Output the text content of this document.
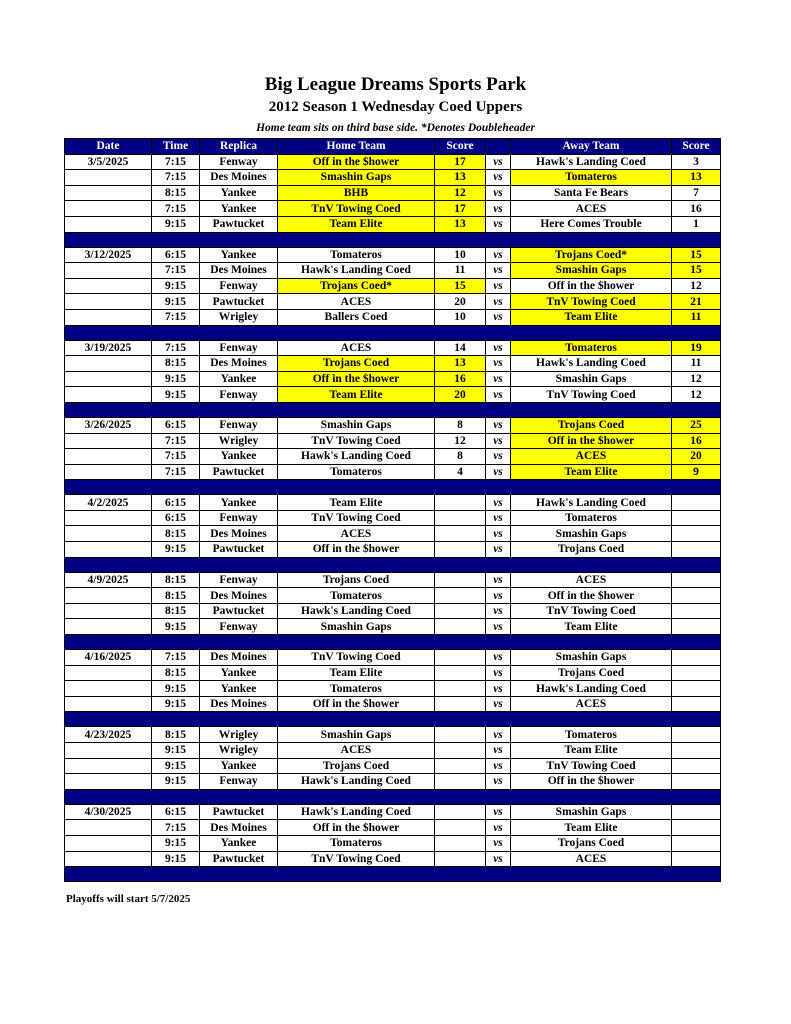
Big League Dreams Sports Park
2012 Season 1 Wednesday Coed Uppers
Home team sits on third base side. *Denotes Doubleheader
Date	Time	Replica	Home Team	Score		Away Team	Score
3/5/2025	7:15	Fenway	Off in the $hower	17	vs	Hawk's Landing Coed	3
	7:15	Des Moines	Smashin Gaps	13	vs	Tomateros	13
	8:15	Yankee	BHB	12	vs	Santa Fe Bears	7
	7:15	Yankee	TnV Towing Coed	17	vs	ACES	16
	9:15	Pawtucket	Team Elite	13	vs	Here Comes Trouble	1

3/12/2025	6:15	Yankee	Tomateros	10	vs	Trojans Coed*	15
	7:15	Des Moines	Hawk's Landing Coed	11	vs	Smashin Gaps	15
	9:15	Fenway	Trojans Coed*	15	vs	Off in the $hower	12
	9:15	Pawtucket	ACES	20	vs	TnV Towing Coed	21
	7:15	Wrigley	Ballers Coed	10	vs	Team Elite	11

3/19/2025	7:15	Fenway	ACES	14	vs	Tomateros	19
	8:15	Des Moines	Trojans Coed	13	vs	Hawk's Landing Coed	11
	9:15	Yankee	Off in the $hower	16	vs	Smashin Gaps	12
	9:15	Fenway	Team Elite	20	vs	TnV Towing Coed	12

3/26/2025	6:15	Fenway	Smashin Gaps	8	vs	Trojans Coed	25
	7:15	Wrigley	TnV Towing Coed	12	vs	Off in the $hower	16
	7:15	Yankee	Hawk's Landing Coed	8	vs	ACES	20
	7:15	Pawtucket	Tomateros	4	vs	Team Elite	9

4/2/2025	6:15	Yankee	Team Elite		vs	Hawk's Landing Coed	
	6:15	Fenway	TnV Towing Coed		vs	Tomateros	
	8:15	Des Moines	ACES		vs	Smashin Gaps	
	9:15	Pawtucket	Off in the $hower		vs	Trojans Coed	

4/9/2025	8:15	Fenway	Trojans Coed		vs	ACES	
	8:15	Des Moines	Tomateros		vs	Off in the $hower	
	8:15	Pawtucket	Hawk's Landing Coed		vs	TnV Towing Coed	
	9:15	Fenway	Smashin Gaps		vs	Team Elite	

4/16/2025	7:15	Des Moines	TnV Towing Coed		vs	Smashin Gaps	
	8:15	Yankee	Team Elite		vs	Trojans Coed	
	9:15	Yankee	Tomateros		vs	Hawk's Landing Coed	
	9:15	Des Moines	Off in the $hower		vs	ACES	

4/23/2025	8:15	Wrigley	Smashin Gaps		vs	Tomateros	
	9:15	Wrigley	ACES		vs	Team Elite	
	9:15	Yankee	Trojans Coed		vs	TnV Towing Coed	
	9:15	Fenway	Hawk's Landing Coed		vs	Off in the $hower	

4/30/2025	6:15	Pawtucket	Hawk's Landing Coed		vs	Smashin Gaps	
	7:15	Des Moines	Off in the $hower		vs	Team Elite	
	9:15	Yankee	Tomateros		vs	Trojans Coed	
	9:15	Pawtucket	TnV Towing Coed		vs	ACES	

Playoffs will start 5/7/2025
